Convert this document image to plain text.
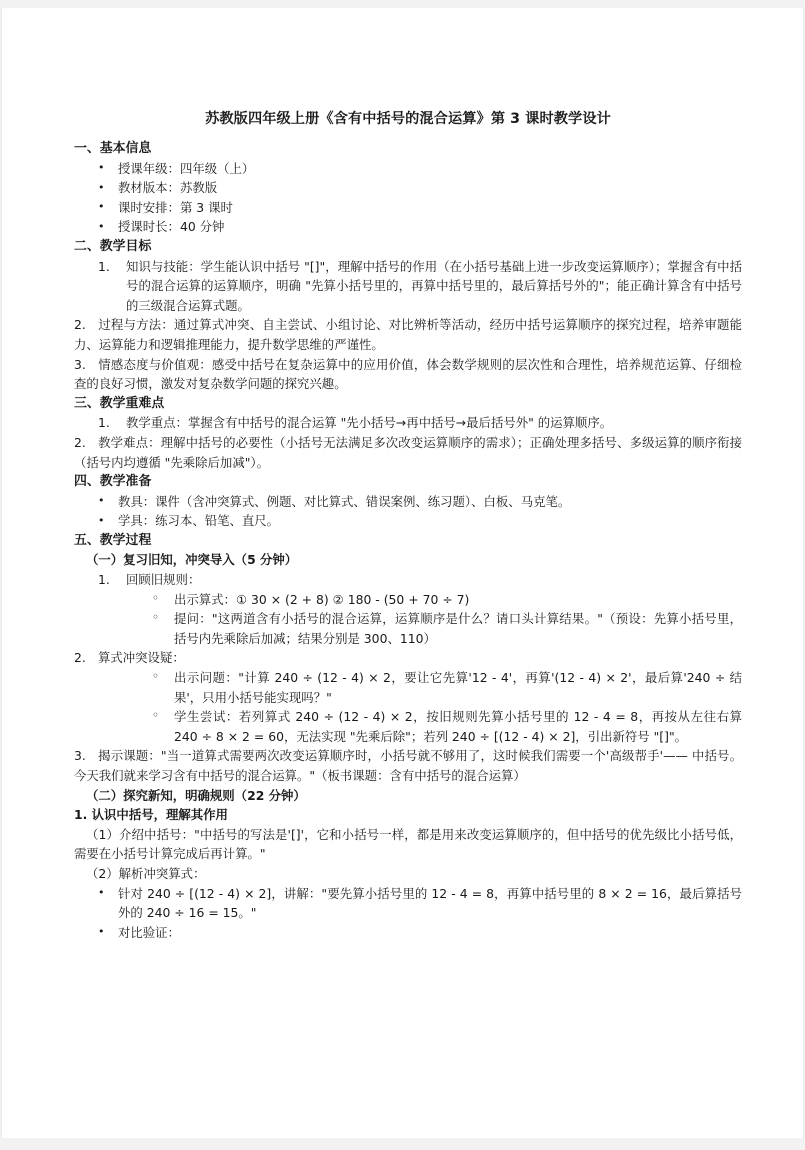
苏教版四年级上册《含有中括号的混合运算》第 3 课时教学设计
一、基本信息
• 授课年级：四年级（上）
• 教材版本：苏教版
• 课时安排：第 3 课时
• 授课时长：40 分钟
二、教学目标
1.	知识与技能：学生能认识中括号 "[]"，理解中括号的作用（在小括号基础上进一步改变运算顺序）；掌握含有中括号的混合运算的运算顺序，明确 "先算小括号里的，再算中括号里的，最后算括号外的"；能正确计算含有中括号的三级混合运算式题。
2. 过程与方法：通过算式冲突、自主尝试、小组讨论、对比辨析等活动，经历中括号运算顺序的探究过程，培养审题能力、运算能力和逻辑推理能力，提升数学思维的严谨性。
3. 情感态度与价值观：感受中括号在复杂运算中的应用价值，体会数学规则的层次性和合理性，培养规范运算、仔细检查的良好习惯，激发对复杂数学问题的探究兴趣。
三、教学重难点
1.	教学重点：掌握含有中括号的混合运算 "先小括号→再中括号→最后括号外" 的运算顺序。
2. 教学难点：理解中括号的必要性（小括号无法满足多次改变运算顺序的需求）；正确处理多括号、多级运算的顺序衔接（括号内均遵循 "先乘除后加减"）。
四、教学准备
• 教具：课件（含冲突算式、例题、对比算式、错误案例、练习题）、白板、马克笔。
• 学具：练习本、铅笔、直尺。
五、教学过程
（一）复习旧知，冲突导入（5 分钟）
1.	回顾旧规则：
◦ 出示算式：① 30 × (2 + 8) ② 180 - (50 + 70 ÷ 7)
◦ 提问："这两道含有小括号的混合运算，运算顺序是什么？请口头计算结果。"（预设：先算小括号里，括号内先乘除后加减；结果分别是 300、110）
2. 算式冲突设疑：
◦ 出示问题："计算 240 ÷ (12 - 4) × 2，要让它先算'12 - 4'，再算'(12 - 4) × 2'，最后算'240 ÷ 结果'，只用小括号能实现吗？"
◦ 学生尝试：若列算式 240 ÷ (12 - 4) × 2，按旧规则先算小括号里的 12 - 4 = 8，再按从左往右算 240 ÷ 8 × 2 = 60，无法实现 "先乘后除"；若列 240 ÷ [(12 - 4) × 2]，引出新符号 "[]"。
3. 揭示课题："当一道算式需要两次改变运算顺序时，小括号就不够用了，这时候我们需要一个'高级帮手'—— 中括号。今天我们就来学习含有中括号的混合运算。"（板书课题：含有中括号的混合运算）
（二）探究新知，明确规则（22 分钟）
1. 认识中括号，理解其作用
（1）介绍中括号："中括号的写法是'[]'，它和小括号一样，都是用来改变运算顺序的，但中括号的优先级比小括号低，需要在小括号计算完成后再计算。"
（2）解析冲突算式：
• 针对 240 ÷ [(12 - 4) × 2]，讲解："要先算小括号里的 12 - 4 = 8，再算中括号里的 8 × 2 = 16，最后算括号外的 240 ÷ 16 = 15。"
• 对比验证：
